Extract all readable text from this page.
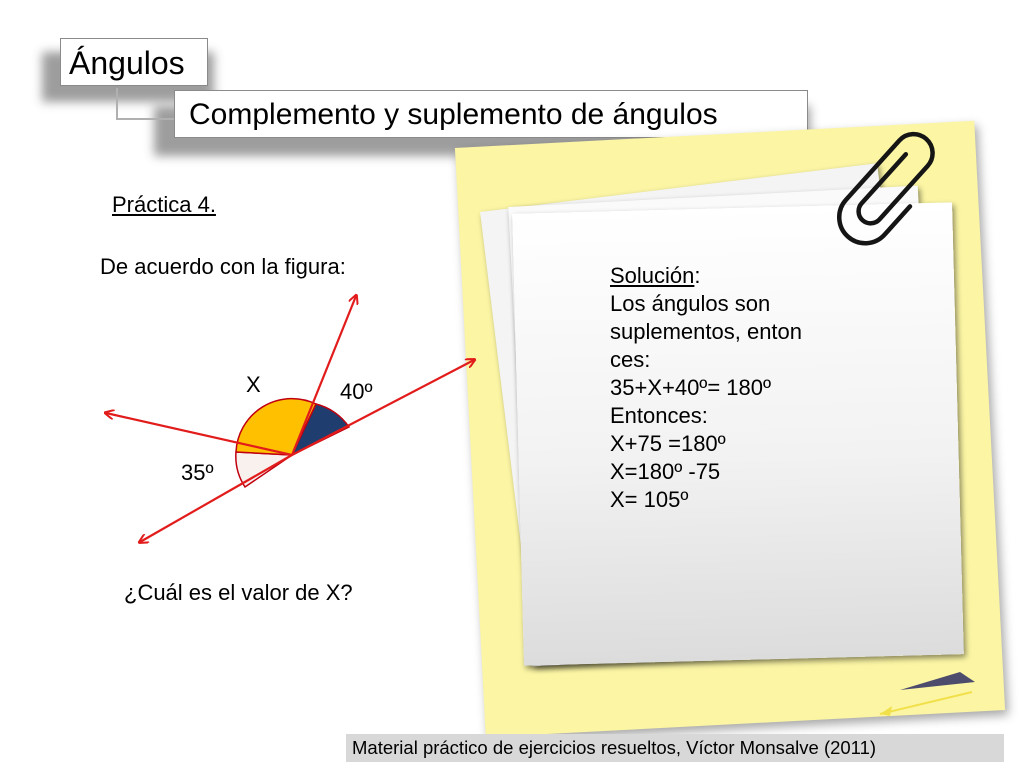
Ángulos
Complemento y suplemento de ángulos
Práctica 4.
De acuerdo con la figura:
¿Cuál es el valor de X?
Solución:
Los ángulos son
suplementos, enton
ces:
35+X+40º= 180º
Entonces:
X+75 =180º
X=180º -75
X= 105º
X	40º
35º
Material práctico de ejercicios resueltos, Víctor Monsalve (2011)
